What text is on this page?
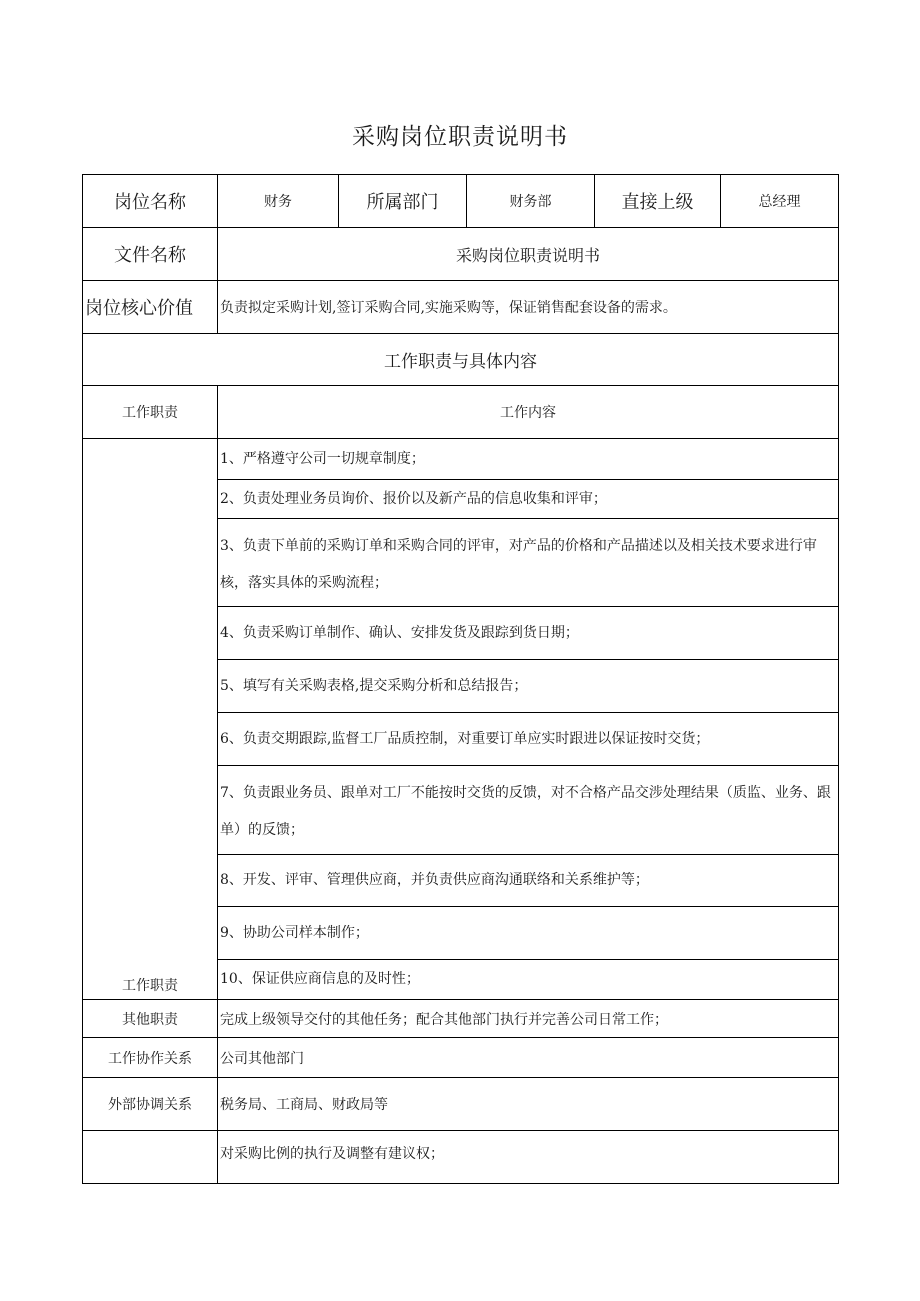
采购岗位职责说明书
岗位名称	财务	所属部门	财务部	直接上级	总经理
文件名称	采购岗位职责说明书				
岗位核心价值	负责拟定采购计划,签订采购合同,实施采购等，保证销售配套设备的需求。				
工作职责与具体内容					
工作职责	工作内容				
工作职责	1、严格遵守公司一切规章制度；				
	2、负责处理业务员询价、报价以及新产品的信息收集和评审；				
	3、负责下单前的采购订单和采购合同的评审，对产品的价格和产品描述以及相关技术要求进行审核，落实具体的采购流程；				
	4、负责采购订单制作、确认、安排发货及跟踪到货日期；				
	5、填写有关采购表格,提交采购分析和总结报告；				
	6、负责交期跟踪,监督工厂品质控制，对重要订单应实时跟进以保证按时交货；				
	7、负责跟业务员、跟单对工厂不能按时交货的反馈，对不合格产品交涉处理结果（质监、业务、跟单）的反馈；				
	8、开发、评审、管理供应商，并负责供应商沟通联络和关系维护等；				
	9、协助公司样本制作；				
	10、保证供应商信息的及时性；				
其他职责	完成上级领导交付的其他任务；配合其他部门执行并完善公司日常工作；				
工作协作关系	公司其他部门				
外部协调关系	税务局、工商局、财政局等				
	对采购比例的执行及调整有建议权；				
